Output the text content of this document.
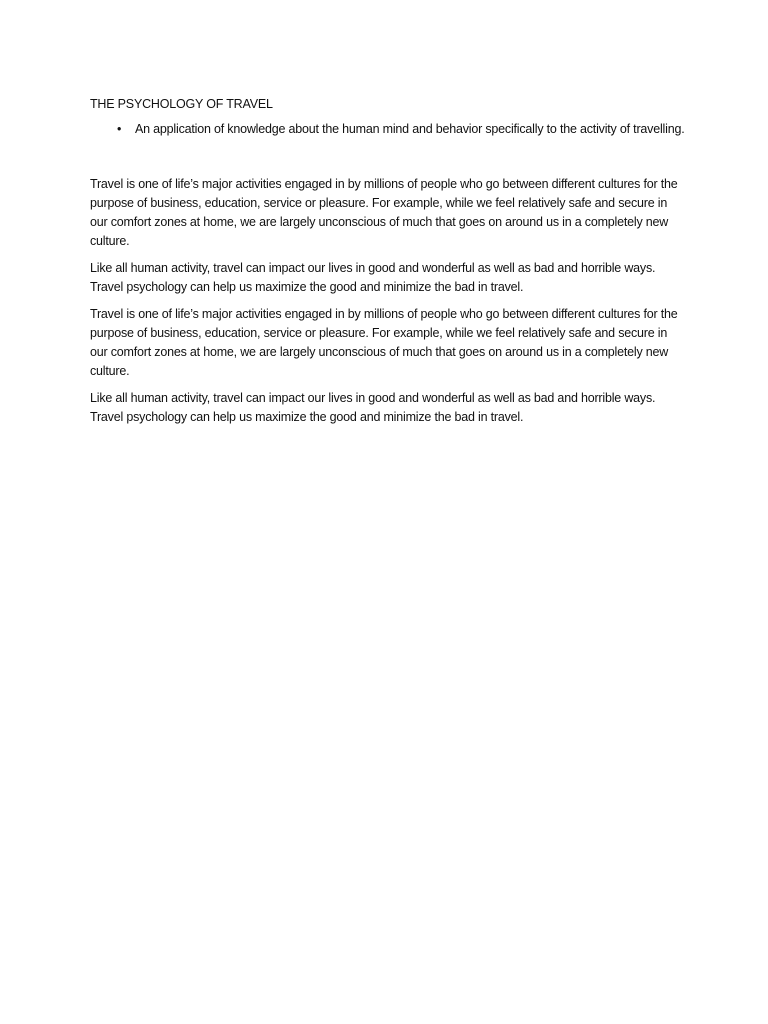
THE PSYCHOLOGY OF TRAVEL
• An application of knowledge about the human mind and behavior specifically to the activity of travelling.

Travel is one of life’s major activities engaged in by millions of people who go between different cultures for the purpose of business, education, service or pleasure. For example, while we feel relatively safe and secure in our comfort zones at home, we are largely unconscious of much that goes on around us in a completely new culture.

Like all human activity, travel can impact our lives in good and wonderful as well as bad and horrible ways. Travel psychology can help us maximize the good and minimize the bad in travel.

Travel is one of life’s major activities engaged in by millions of people who go between different cultures for the purpose of business, education, service or pleasure. For example, while we feel relatively safe and secure in our comfort zones at home, we are largely unconscious of much that goes on around us in a completely new culture.

Like all human activity, travel can impact our lives in good and wonderful as well as bad and horrible ways. Travel psychology can help us maximize the good and minimize the bad in travel.
